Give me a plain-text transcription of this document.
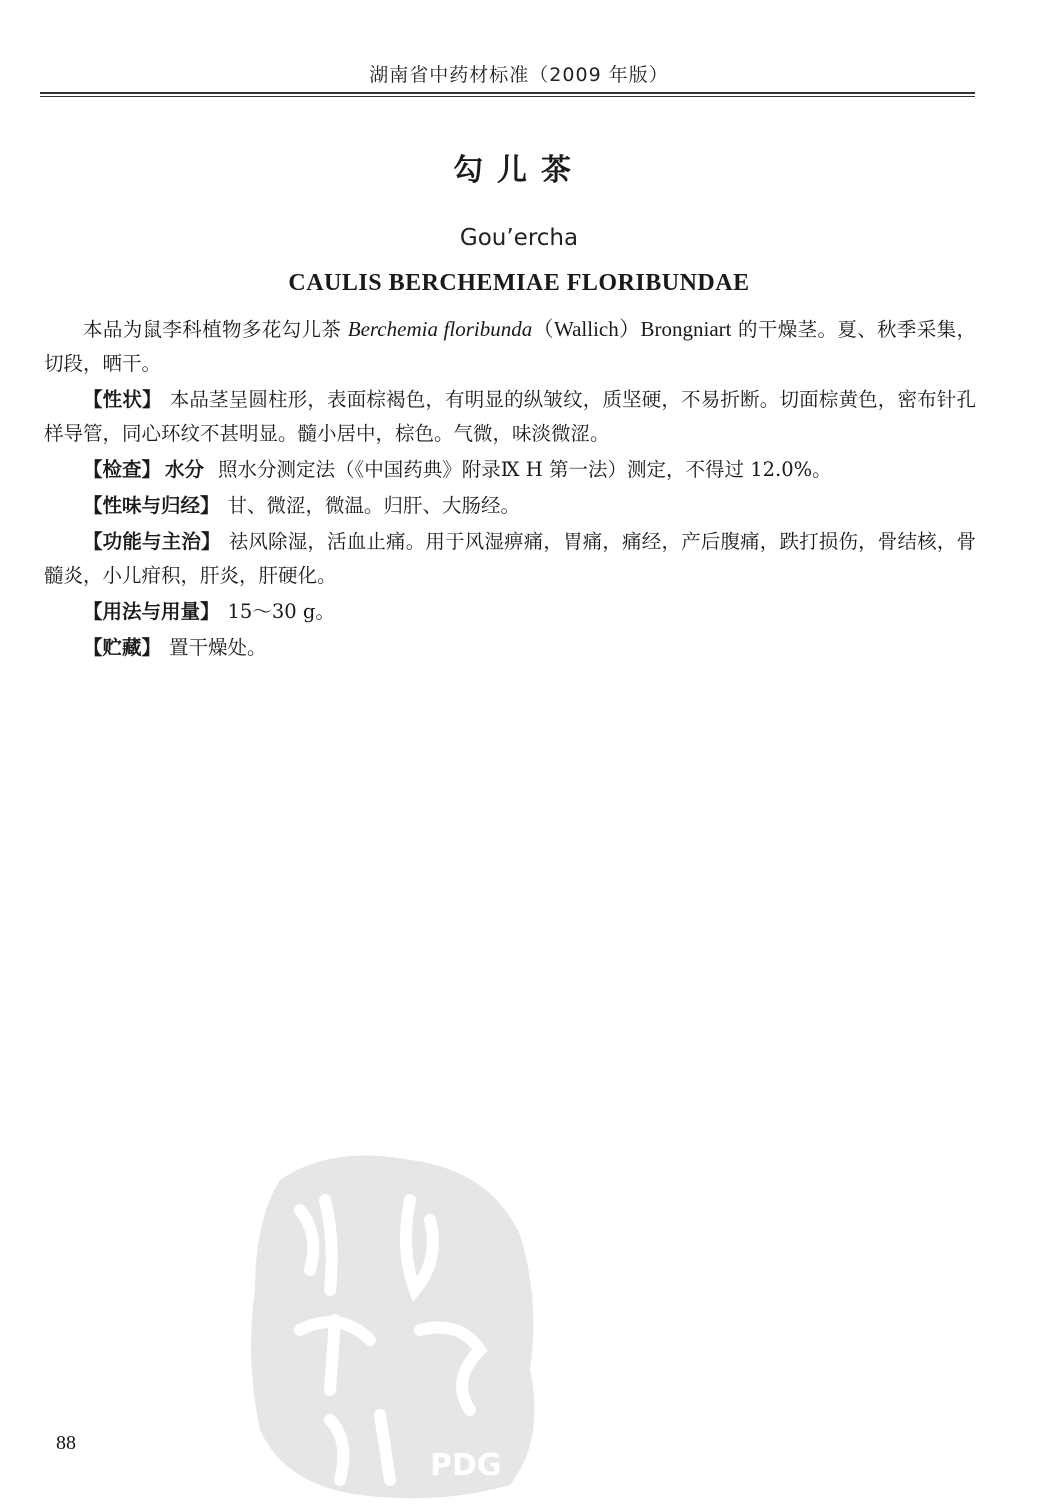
湖南省中药材标准（2009 年版）
勾儿茶
Gou’ercha
CAULIS BERCHEMIAE FLORIBUNDAE

本品为鼠李科植物多花勾儿茶 Berchemia floribunda（Wallich）Brongniart 的干燥茎。夏、秋季采集，切段，晒干。

【性状】 本品茎呈圆柱形，表面棕褐色，有明显的纵皱纹，质坚硬，不易折断。切面棕黄色，密布针孔样导管，同心环纹不甚明显。髓小居中，棕色。气微，味淡微涩。

【检查】 水分 照水分测定法（《中国药典》附录Ⅸ H 第一法）测定，不得过 12.0%。

【性味与归经】 甘、微涩，微温。归肝、大肠经。

【功能与主治】 祛风除湿，活血止痛。用于风湿痹痛，胃痛，痛经，产后腹痛，跌打损伤，骨结核，骨髓炎，小儿疳积，肝炎，肝硬化。

【用法与用量】 15～30 g。

【贮藏】 置干燥处。

PDG
88
